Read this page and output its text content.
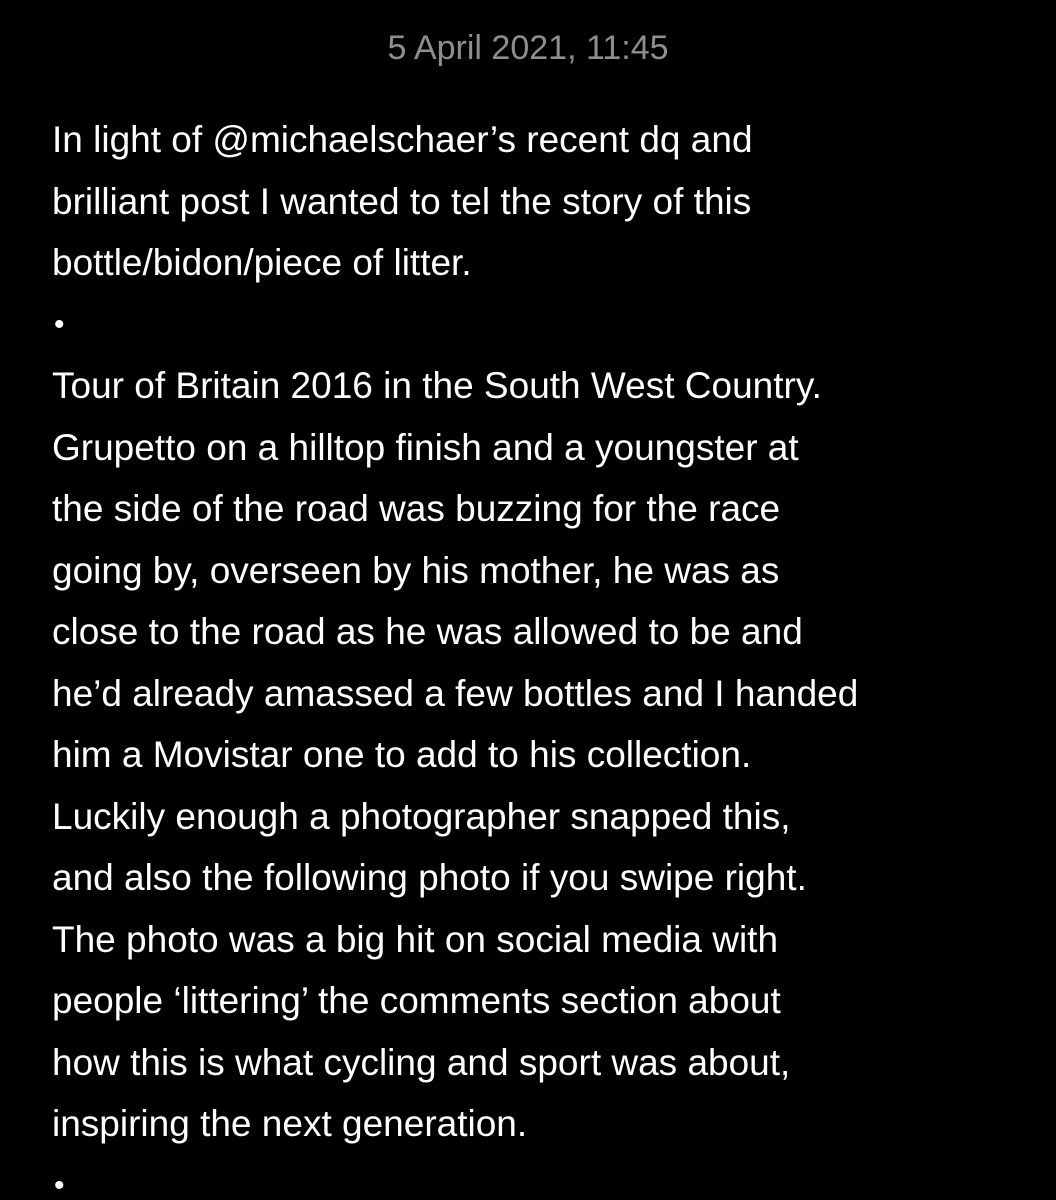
5 April 2021, 11:45
In light of @michaelschaer’s recent dq and
brilliant post I wanted to tel the story of this
bottle/bidon/piece of litter.
•
Tour of Britain 2016 in the South West Country.
Grupetto on a hilltop finish and a youngster at
the side of the road was buzzing for the race
going by, overseen by his mother, he was as
close to the road as he was allowed to be and
he’d already amassed a few bottles and I handed
him a Movistar one to add to his collection.
Luckily enough a photographer snapped this,
and also the following photo if you swipe right.
The photo was a big hit on social media with
people ‘littering’ the comments section about
how this is what cycling and sport was about,
inspiring the next generation.
•
